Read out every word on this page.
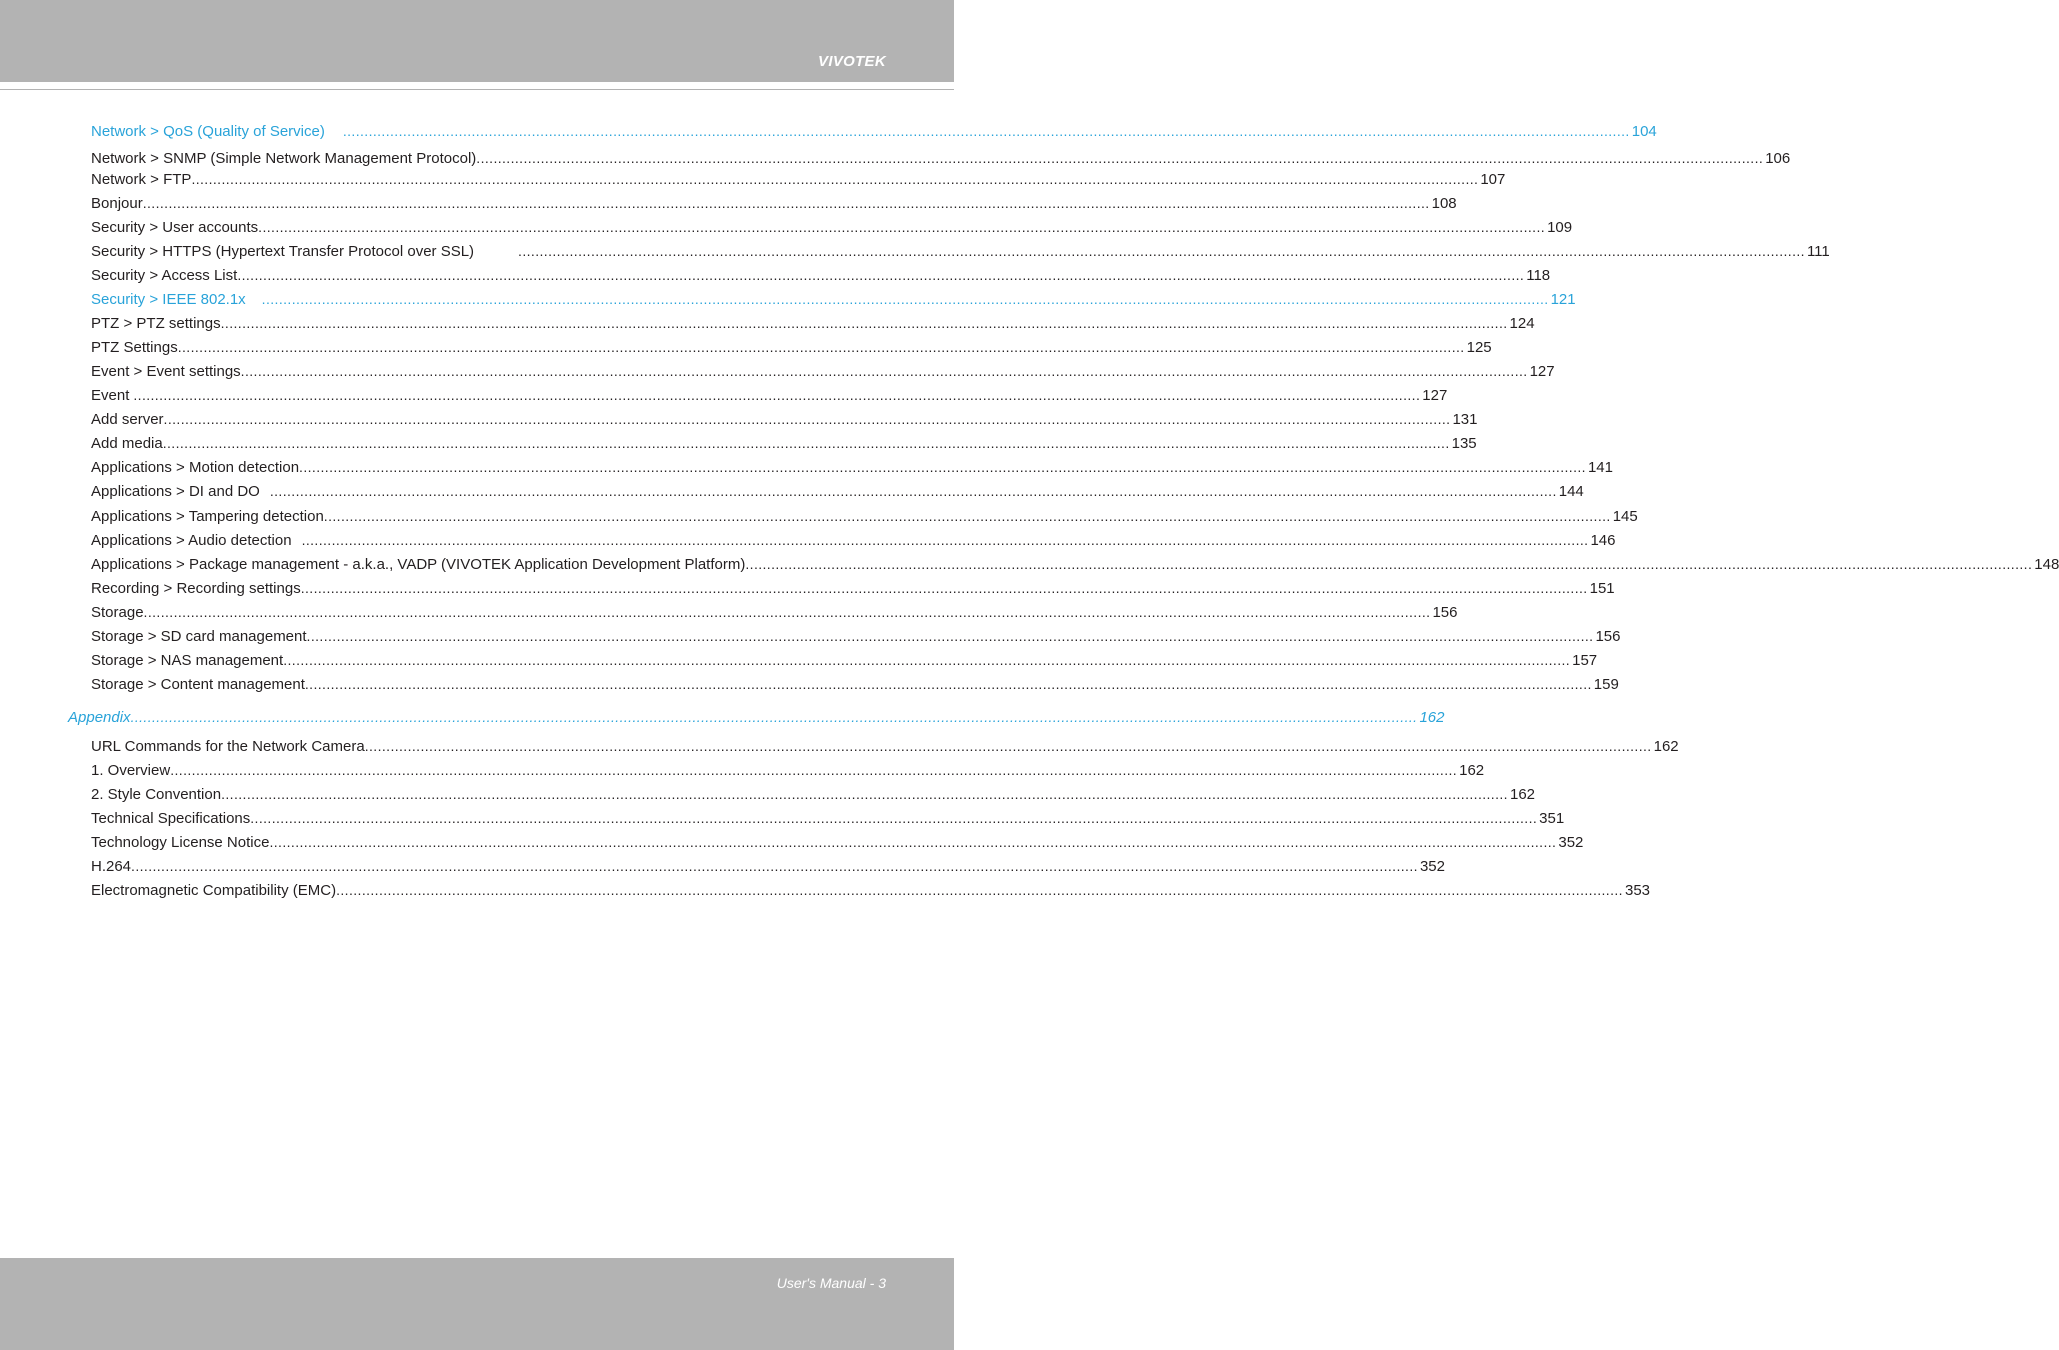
VIVOTEK
Network > QoS (Quality of Service) ............................................................................................................................................................................................................................................................................................................ 104
Network > SNMP (Simple Network Management Protocol) ............................................................................................................................................................................................................................................................................................................ 106
Network > FTP ............................................................................................................................................................................................................................................................................................................ 107
Bonjour ............................................................................................................................................................................................................................................................................................................ 108
Security > User accounts ............................................................................................................................................................................................................................................................................................................ 109
Security > HTTPS (Hypertext Transfer Protocol over SSL)	............................................................................................................................................................................................................................................................................................................ 111
Security > Access List ............................................................................................................................................................................................................................................................................................................ 118
Security > IEEE 802.1x ............................................................................................................................................................................................................................................................................................................ 121
PTZ > PTZ settings ............................................................................................................................................................................................................................................................................................................ 124
PTZ Settings ............................................................................................................................................................................................................................................................................................................ 125
Event > Event settings ............................................................................................................................................................................................................................................................................................................ 127
Event ............................................................................................................................................................................................................................................................................................................ 127
Add server ............................................................................................................................................................................................................................................................................................................ 131
Add media ............................................................................................................................................................................................................................................................................................................ 135
Applications > Motion detection ............................................................................................................................................................................................................................................................................................................ 141
Applications > DI and DO ............................................................................................................................................................................................................................................................................................................ 144
Applications > Tampering detection ............................................................................................................................................................................................................................................................................................................ 145
Applications > Audio detection ............................................................................................................................................................................................................................................................................................................ 146
Applications > Package management - a.k.a., VADP (VIVOTEK Application Development Platform) ............................................................................................................................................................................................................................................................................................................ 148
Recording > Recording settings ............................................................................................................................................................................................................................................................................................................ 151
Storage ............................................................................................................................................................................................................................................................................................................ 156
Storage > SD card management ............................................................................................................................................................................................................................................................................................................ 156
Storage > NAS management ............................................................................................................................................................................................................................................................................................................ 157
Storage > Content management ............................................................................................................................................................................................................................................................................................................ 159
Appendix ............................................................................................................................................................................................................................................................................................................ 162
URL Commands for the Network Camera ............................................................................................................................................................................................................................................................................................................ 162
1. Overview ............................................................................................................................................................................................................................................................................................................ 162
2. Style Convention ............................................................................................................................................................................................................................................................................................................ 162
Technical Specifications ............................................................................................................................................................................................................................................................................................................ 351
Technology License Notice ............................................................................................................................................................................................................................................................................................................ 352
H.264 ............................................................................................................................................................................................................................................................................................................ 352
Electromagnetic Compatibility (EMC) ............................................................................................................................................................................................................................................................................................................ 353
User's Manual - 3
